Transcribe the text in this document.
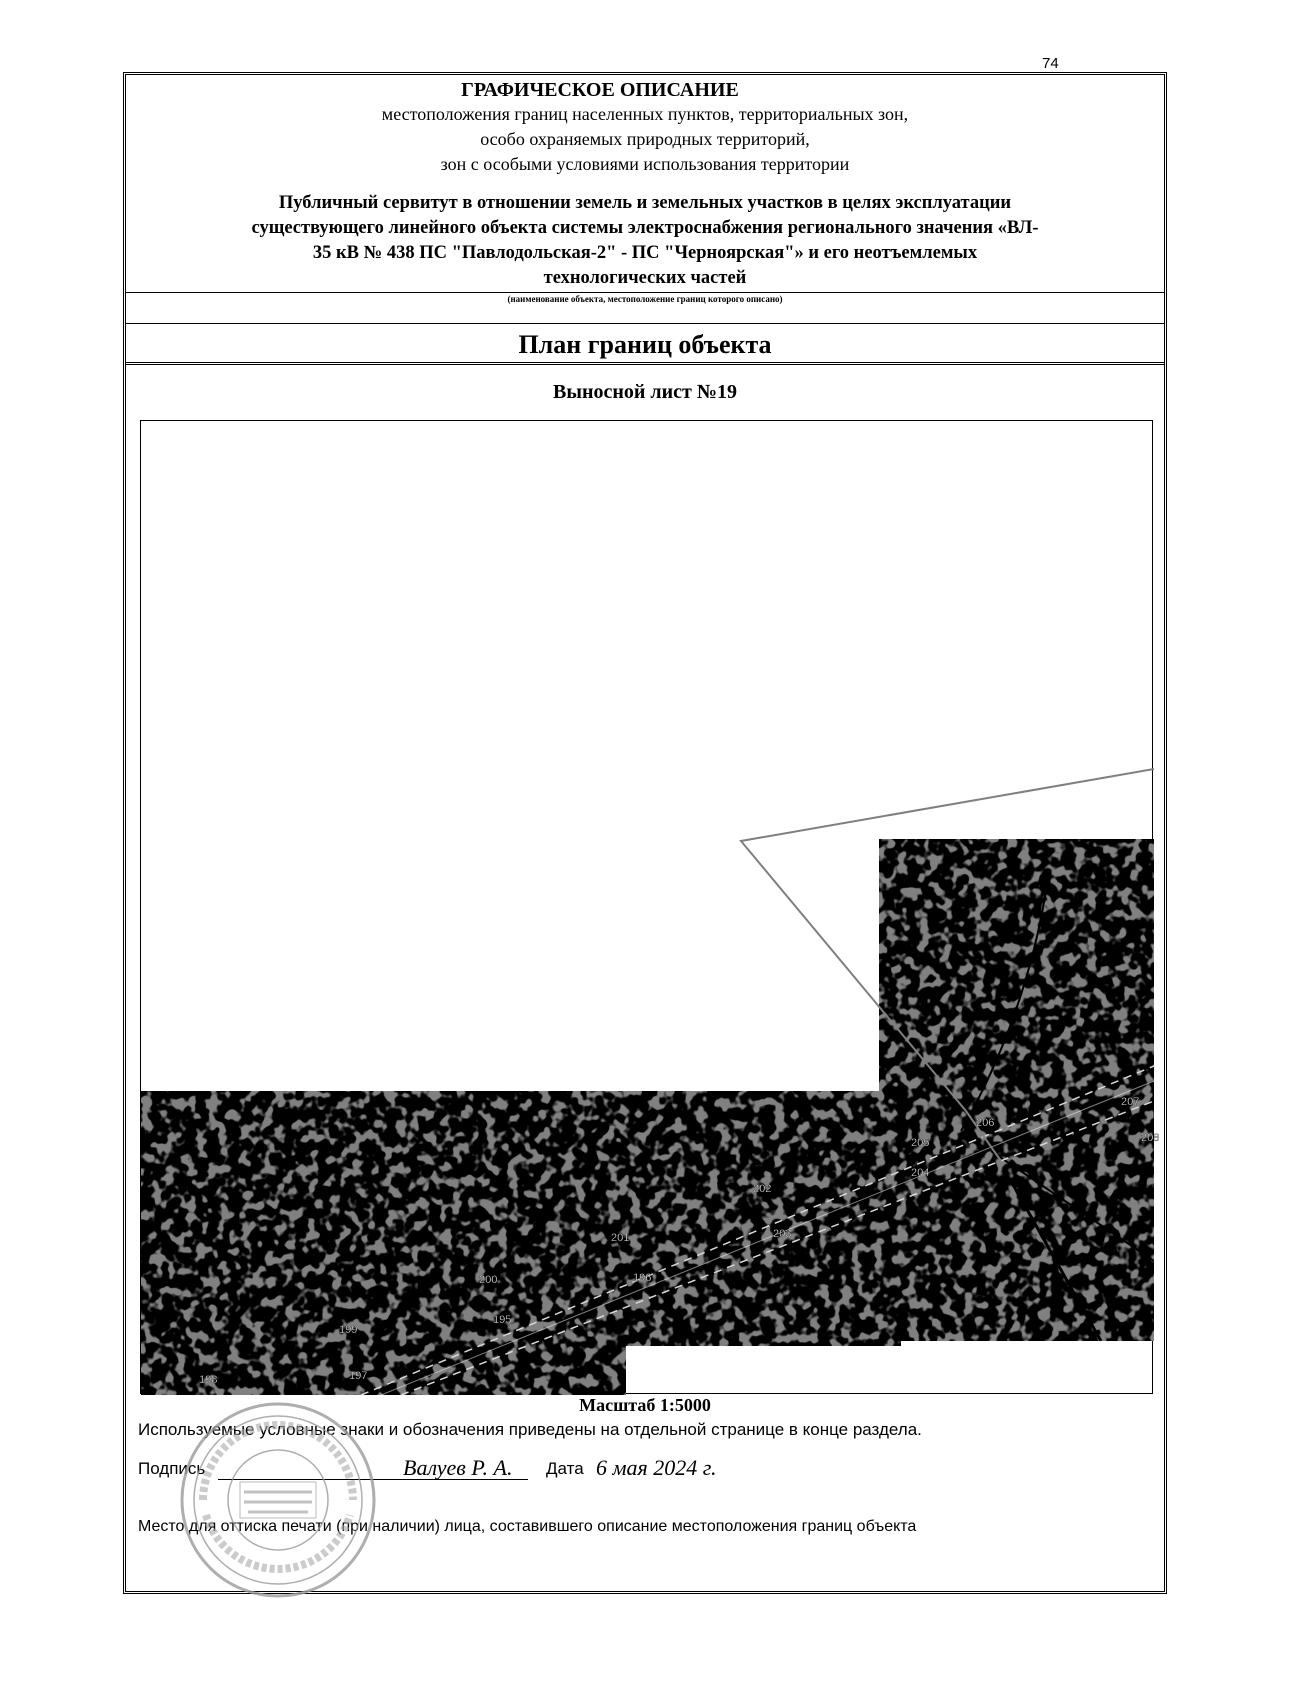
74
ГРАФИЧЕСКОЕ ОПИСАНИЕ
местоположения границ населенных пунктов, территориальных зон,
особо охраняемых природных территорий,
зон с особыми условиями использования территории
Публичный сервитут в отношении земель и земельных участков в целях эксплуатации
существующего линейного объекта системы электроснабжения регионального значения «ВЛ-
35 кВ № 438 ПС "Павлодольская-2" - ПС "Черноярская"» и его неотъемлемых
технологических частей
(наименование объекта, местоположение границ которого описано)
План границ объекта
Выносной лист №19
198
199
197
200
195
201
196
202
203
204
205
206
207
208
Масштаб 1:5000
Используемые условные знаки и обозначения приведены на отдельной странице в конце раздела.
Подпись	Валуев Р. А. Дата 6 мая 2024 г.
Место для оттиска печати (при наличии) лица, составившего описание местоположения границ объекта
